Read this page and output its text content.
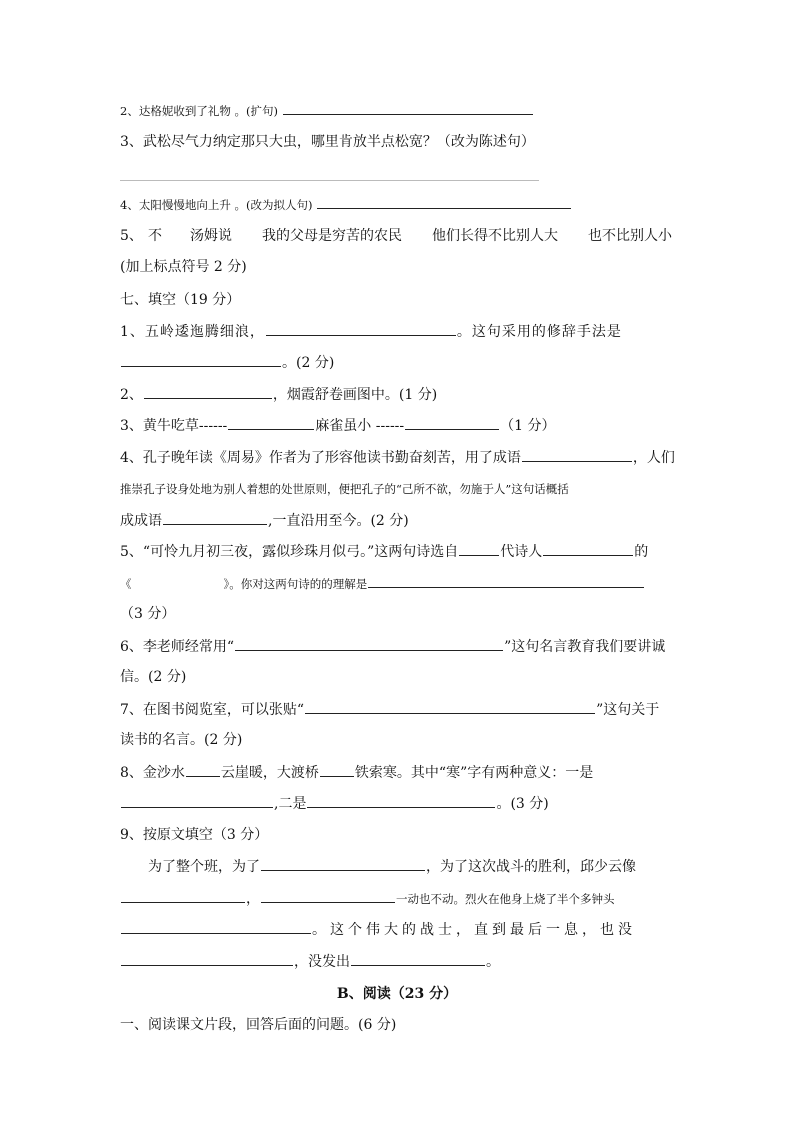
2、达格妮收到了礼物 。(扩句)
3、武松尽气力纳定那只大虫，哪里肯放半点松宽？（改为陈述句）
4、太阳慢慢地向上升 。(改为拟人句)
5、 不 汤姆说 我的父母是穷苦的农民 他们长得不比别人大 也不比别人小
(加上标点符号 2 分)
七、填空（19 分）
1、五岭逶迤腾细浪，	。这句采用的修辞手法是
。(2 分)
2、	，烟霞舒卷画图中。(1 分)
3、黄牛吃草------	麻雀虽小 ------	（1 分）
4、孔子晚年读《周易》作者为了形容他读书勤奋刻苦，用了成语	，人们
推崇孔子设身处地为别人着想的处世原则，便把孔子的“己所不欲，勿施于人”这句话概括
成成语	,一直沿用至今。(2 分)
5、“可怜九月初三夜，露似珍珠月似弓。”这两句诗选自	代诗人	的
《	》。你对这两句诗的的理解是
（3 分）
6、李老师经常用“	”这句名言教育我们要讲诚
信。(2 分)
7、在图书阅览室，可以张贴“	”这句关于
读书的名言。(2 分)
8、金沙水	云崖暖，大渡桥	铁索寒。其中“寒”字有两种意义：一是
,二是	。(3 分)
9、按原文填空（3 分）
为了整个班，为了	，为了这次战斗的胜利，邱少云像
，	一动也不动。烈火在他身上烧了半个多钟头
。这个伟大的战士，直到最后一息，也没
，没发出	。
B、阅读（23 分）
一、阅读课文片段，回答后面的问题。(6 分)
